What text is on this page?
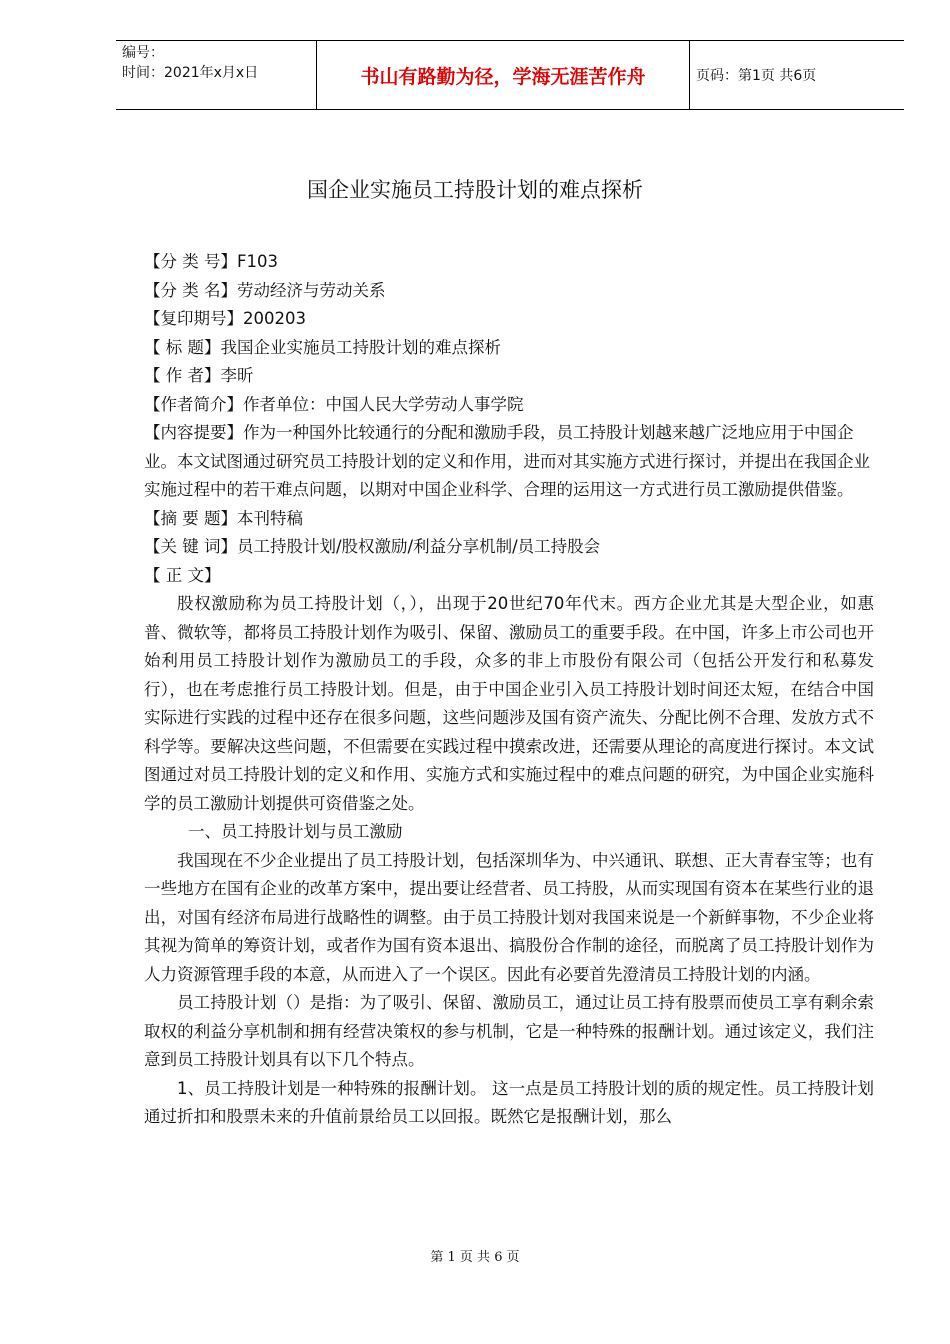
编号：
时间：2021年x月x日	书山有路勤为径，学海无涯苦作舟	页码：第1页 共6页
国企业实施员工持股计划的难点探析
【分 类 号】F103
【分 类 名】劳动经济与劳动关系
【复印期号】200203
【 标 题】我国企业实施员工持股计划的难点探析
【 作 者】李昕
【作者简介】作者单位：中国人民大学劳动人事学院
【内容提要】作为一种国外比较通行的分配和激励手段，员工持股计划越来越广泛地应用于中国企业。本文试图通过研究员工持股计划的定义和作用，进而对其实施方式进行探讨，并提出在我国企业实施过程中的若干难点问题，以期对中国企业科学、合理的运用这一方式进行员工激励提供借鉴。
【摘 要 题】本刊特稿
【关 键 词】员工持股计划/股权激励/利益分享机制/员工持股会
【 正 文】

股权激励称为员工持股计划（，），出现于20世纪70年代末。西方企业尤其是大型企业，如惠普、微软等，都将员工持股计划作为吸引、保留、激励员工的重要手段。在中国，许多上市公司也开始利用员工持股计划作为激励员工的手段，众多的非上市股份有限公司（包括公开发行和私募发行），也在考虑推行员工持股计划。但是，由于中国企业引入员工持股计划时间还太短，在结合中国实际进行实践的过程中还存在很多问题，这些问题涉及国有资产流失、分配比例不合理、发放方式不科学等。要解决这些问题，不但需要在实践过程中摸索改进，还需要从理论的高度进行探讨。本文试图通过对员工持股计划的定义和作用、实施方式和实施过程中的难点问题的研究，为中国企业实施科学的员工激励计划提供可资借鉴之处。

一、员工持股计划与员工激励

我国现在不少企业提出了员工持股计划，包括深圳华为、中兴通讯、联想、正大青春宝等；也有一些地方在国有企业的改革方案中，提出要让经营者、员工持股，从而实现国有资本在某些行业的退出，对国有经济布局进行战略性的调整。由于员工持股计划对我国来说是一个新鲜事物，不少企业将其视为简单的筹资计划，或者作为国有资本退出、搞股份合作制的途径，而脱离了员工持股计划作为人力资源管理手段的本意，从而进入了一个误区。因此有必要首先澄清员工持股计划的内涵。

员工持股计划（）是指：为了吸引、保留、激励员工，通过让员工持有股票而使员工享有剩余索取权的利益分享机制和拥有经营决策权的参与机制，它是一种特殊的报酬计划。通过该定义，我们注意到员工持股计划具有以下几个特点。

1、员工持股计划是一种特殊的报酬计划。 这一点是员工持股计划的质的规定性。员工持股计划通过折扣和股票未来的升值前景给员工以回报。既然它是报酬计划，那么

第 1 页 共 6 页
